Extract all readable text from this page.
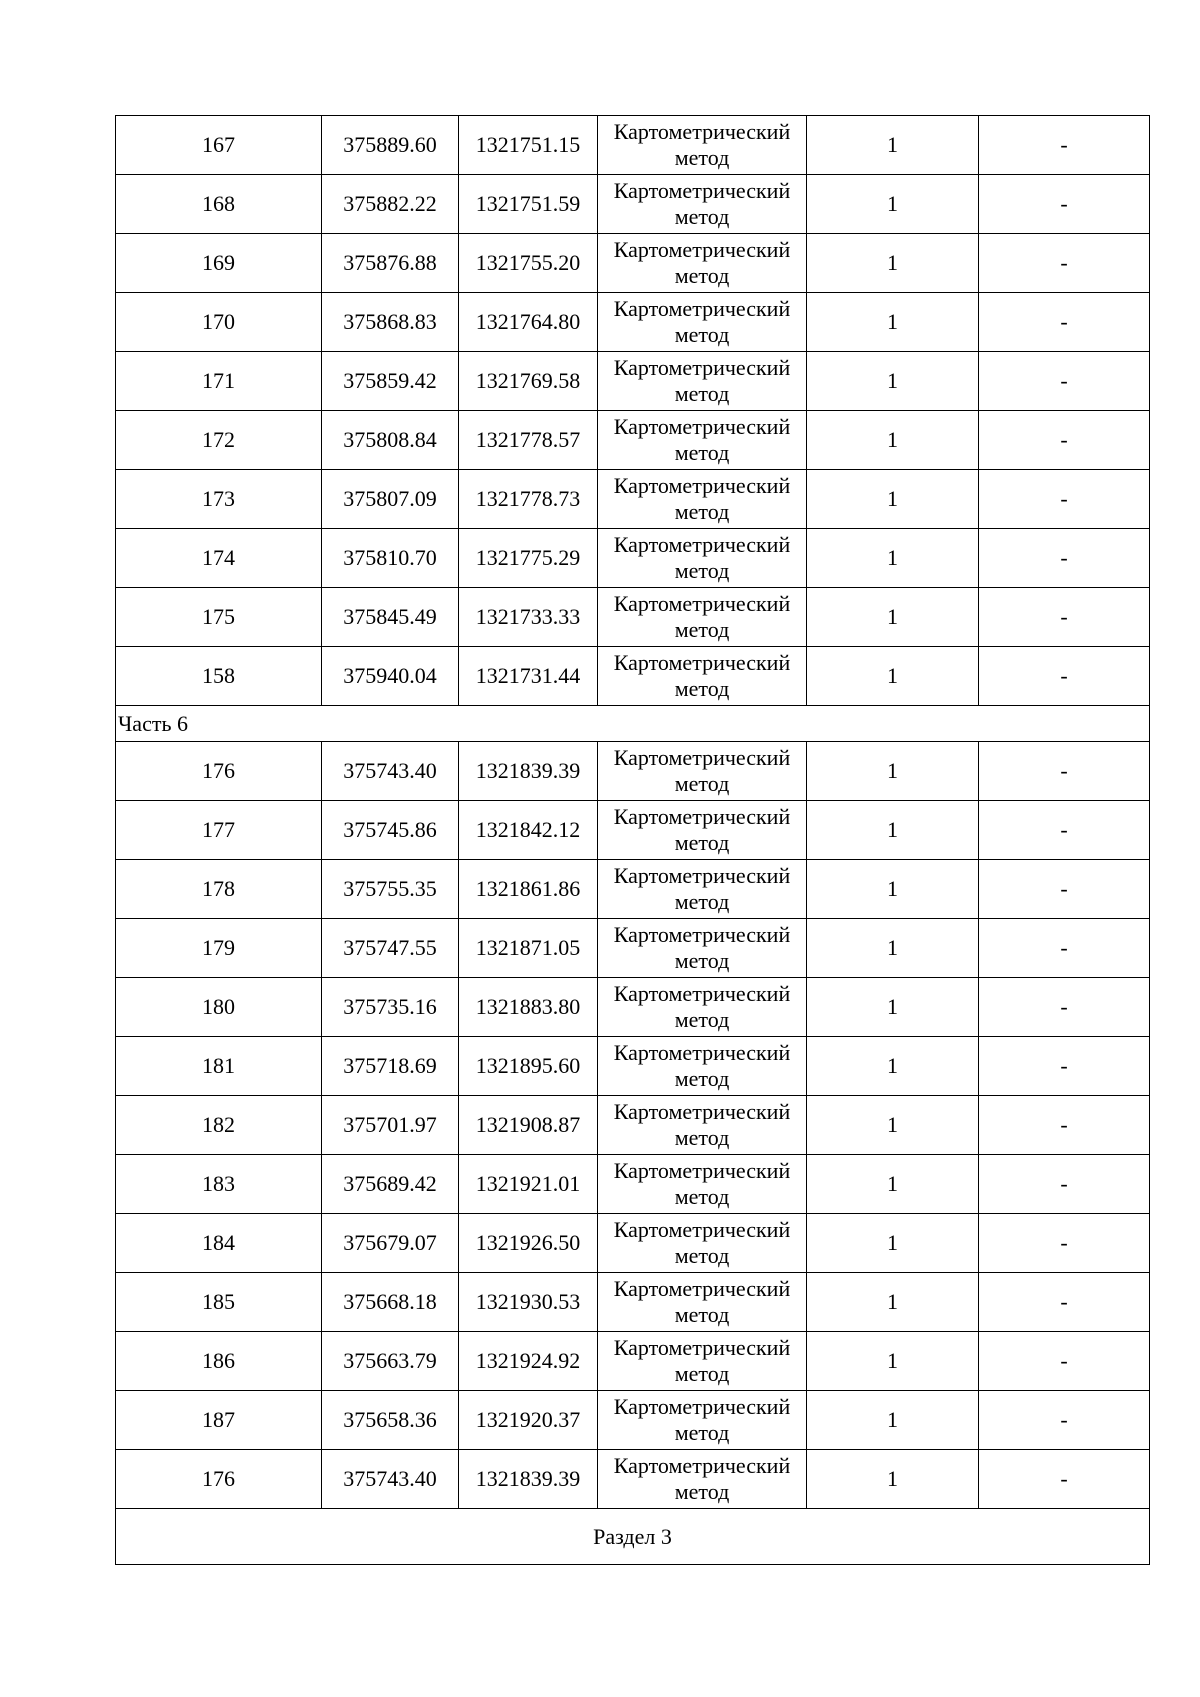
167	375889.60	1321751.15	Картометрический метод	1	-
168	375882.22	1321751.59	Картометрический метод	1	-
169	375876.88	1321755.20	Картометрический метод	1	-
170	375868.83	1321764.80	Картометрический метод	1	-
171	375859.42	1321769.58	Картометрический метод	1	-
172	375808.84	1321778.57	Картометрический метод	1	-
173	375807.09	1321778.73	Картометрический метод	1	-
174	375810.70	1321775.29	Картометрический метод	1	-
175	375845.49	1321733.33	Картометрический метод	1	-
158	375940.04	1321731.44	Картометрический метод	1	-
Часть 6					
176	375743.40	1321839.39	Картометрический метод	1	-
177	375745.86	1321842.12	Картометрический метод	1	-
178	375755.35	1321861.86	Картометрический метод	1	-
179	375747.55	1321871.05	Картометрический метод	1	-
180	375735.16	1321883.80	Картометрический метод	1	-
181	375718.69	1321895.60	Картометрический метод	1	-
182	375701.97	1321908.87	Картометрический метод	1	-
183	375689.42	1321921.01	Картометрический метод	1	-
184	375679.07	1321926.50	Картометрический метод	1	-
185	375668.18	1321930.53	Картометрический метод	1	-
186	375663.79	1321924.92	Картометрический метод	1	-
187	375658.36	1321920.37	Картометрический метод	1	-
176	375743.40	1321839.39	Картометрический метод	1	-
Раздел 3					
